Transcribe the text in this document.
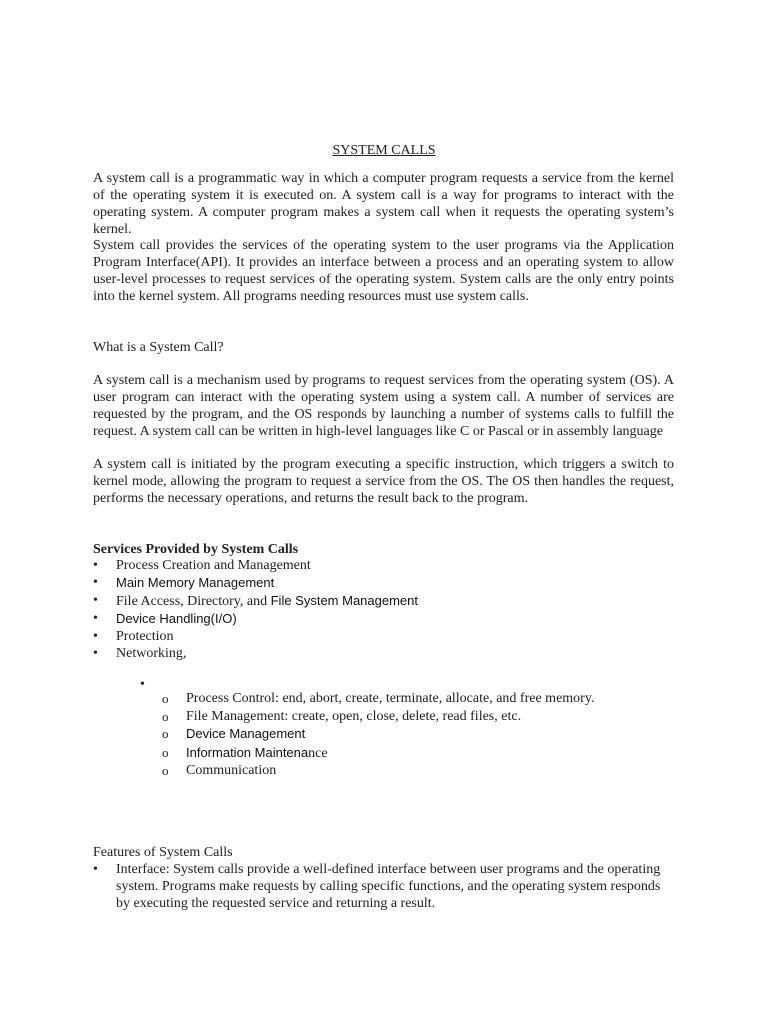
SYSTEM CALLS
A system call is a programmatic way in which a computer program requests a service from the kernel of the operating system it is executed on. A system call is a way for programs to interact with the operating system. A computer program makes a system call when it requests the operating system’s kernel.
System call provides the services of the operating system to the user programs via the Application Program Interface(API). It provides an interface between a process and an operating system to allow user-level processes to request services of the operating system. System calls are the only entry points into the kernel system. All programs needing resources must use system calls.
What is a System Call?
A system call is a mechanism used by programs to request services from the operating system (OS). A user program can interact with the operating system using a system call. A number of services are requested by the program, and the OS responds by launching a number of systems calls to fulfill the request. A system call can be written in high-level languages like C or Pascal or in assembly language
A system call is initiated by the program executing a specific instruction, which triggers a switch to kernel mode, allowing the program to request a service from the OS. The OS then handles the request, performs the necessary operations, and returns the result back to the program.
Services Provided by System Calls
• Process Creation and Management
• Main Memory Management
• File Access, Directory, and File System Management
• Device Handling(I/O)
• Protection
• Networking,
•
o Process Control: end, abort, create, terminate, allocate, and free memory.
o File Management: create, open, close, delete, read files, etc.
o Device Management
o Information Maintenance
o Communication
Features of System Calls
• Interface: System calls provide a well-defined interface between user programs and the operating system. Programs make requests by calling specific functions, and the operating system responds by executing the requested service and returning a result.
